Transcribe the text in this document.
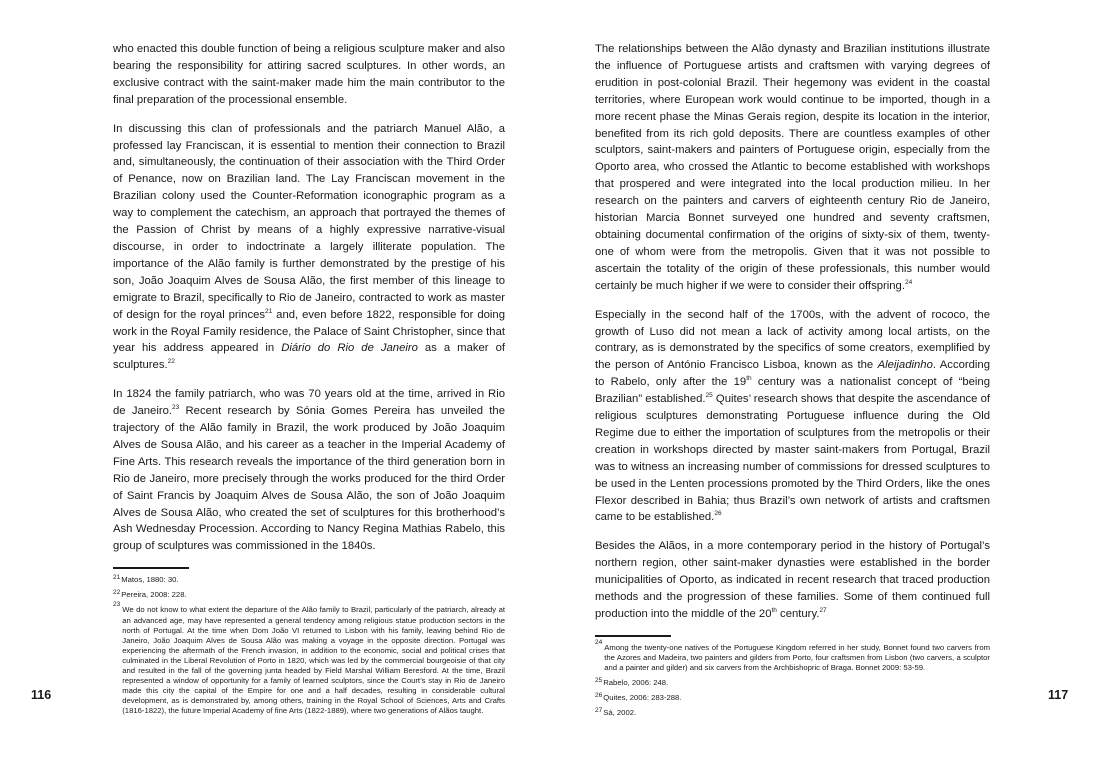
who enacted this double function of being a religious sculpture maker and also bearing the responsibility for attiring sacred sculptures. In other words, an exclusive contract with the saint-maker made him the main contributor to the final preparation of the processional ensemble.

In discussing this clan of professionals and the patriarch Manuel Alão, a professed lay Franciscan, it is essential to mention their connection to Brazil and, simultaneously, the continuation of their association with the Third Order of Penance, now on Brazilian land. The Lay Franciscan movement in the Brazilian colony used the Counter-Reformation iconographic program as a way to complement the catechism, an approach that portrayed the themes of the Passion of Christ by means of a highly expressive narrative-visual discourse, in order to indoctrinate a largely illiterate population. The importance of the Alão family is further demonstrated by the prestige of his son, João Joaquim Alves de Sousa Alão, the first member of this lineage to emigrate to Brazil, specifically to Rio de Janeiro, contracted to work as master of design for the royal princes$^{21}$ and, even before 1822, responsible for doing work in the Royal Family residence, the Palace of Saint Christopher, since that year his address appeared in Diário do Rio de Janeiro as a maker of sculptures.$^{22}$

In 1824 the family patriarch, who was 70 years old at the time, arrived in Rio de Janeiro.$^{23}$ Recent research by Sónia Gomes Pereira has unveiled the trajectory of the Alão family in Brazil, the work produced by João Joaquim Alves de Sousa Alão, and his career as a teacher in the Imperial Academy of Fine Arts. This research reveals the importance of the third generation born in Rio de Janeiro, more precisely through the works produced for the third Order of Saint Francis by Joaquim Alves de Sousa Alão, the son of João Joaquim Alves de Sousa Alão, who created the set of sculptures for this brotherhood’s Ash Wednesday Procession. According to Nancy Regina Mathias Rabelo, this group of sculptures was commissioned in the 1840s.

$^{21}$Matos, 1880: 30.
$^{22}$Pereira, 2008: 228.
23
We do not know to what extent the departure of the Alão family to Brazil, particularly of the patriarch, already at an advanced age, may have represented a general tendency among religious statue production sectors in the north of Portugal. At the time when Dom João VI returned to Lisbon with his family, leaving behind Rio de Janeiro, João Joaquim Alves de Sousa Alão was making a voyage in the opposite direction. Portugal was experiencing the aftermath of the French invasion, in addition to the economic, social and political crises that culminated in the Liberal Revolution of Porto in 1820, which was led by the commercial bourgeoisie of that city and resulted in the fall of the governing junta headed by Field Marshal William Beresford. At the time, Brazil represented a window of opportunity for a family of learned sculptors, since the Court’s stay in Rio de Janeiro made this city the capital of the Empire for one and a half decades, resulting in considerable cultural development, as is demonstrated by, among others, training in the Royal School of Sciences, Arts and Crafts (1816-1822), the future Imperial Academy of fine Arts (1822-1889), where two generations of Alãos taught.
116

The relationships between the Alão dynasty and Brazilian institutions illustrate the influence of Portuguese artists and craftsmen with varying degrees of erudition in post-colonial Brazil. Their hegemony was evident in the coastal territories, where European work would continue to be imported, though in a more recent phase the Minas Gerais region, despite its location in the interior, benefited from its rich gold deposits. There are countless examples of other sculptors, saint-makers and painters of Portuguese origin, especially from the Oporto area, who crossed the Atlantic to become established with workshops that prospered and were integrated into the local production milieu. In her research on the painters and carvers of eighteenth century Rio de Janeiro, historian Marcia Bonnet surveyed one hundred and seventy craftsmen, obtaining documental confirmation of the origins of sixty-six of them, twenty-one of whom were from the metropolis. Given that it was not possible to ascertain the totality of the origin of these professionals, this number would certainly be much higher if we were to consider their offspring.$^{24}$

Especially in the second half of the 1700s, with the advent of rococo, the growth of Luso did not mean a lack of activity among local artists, on the contrary, as is demonstrated by the specifics of some creators, exemplified by the person of António Francisco Lisboa, known as the Aleijadinho. According to Rabelo, only after the 19th century was a nationalist concept of “being Brazilian” established.$^{25}$ Quites’ research shows that despite the ascendance of religious sculptures demonstrating Portuguese influence during the Old Regime due to either the importation of sculptures from the metropolis or their creation in workshops directed by master saint-makers from Portugal, Brazil was to witness an increasing number of commissions for dressed sculptures to be used in the Lenten processions promoted by the Third Orders, like the ones Flexor described in Bahia; thus Brazil’s own network of artists and craftsmen came to be established.$^{26}$

Besides the Alãos, in a more contemporary period in the history of Portugal’s northern region, other saint-maker dynasties were established in the border municipalities of Oporto, as indicated in recent research that traced production methods and the progression of these families. Some of them continued full production into the middle of the 20th century.$^{27}$

24
Among the twenty-one natives of the Portuguese Kingdom referred in her study, Bonnet found two carvers from the Azores and Madeira, two painters and gilders from Porto, four craftsmen from Lisbon (two carvers, a sculptor and a painter and gilder) and six carvers from the Archbishopric of Braga. Bonnet 2009: 53-59.
$^{25}$Rabelo, 2006: 248.
$^{26}$Quites, 2006: 283-288.
$^{27}$Sá, 2002.
117
